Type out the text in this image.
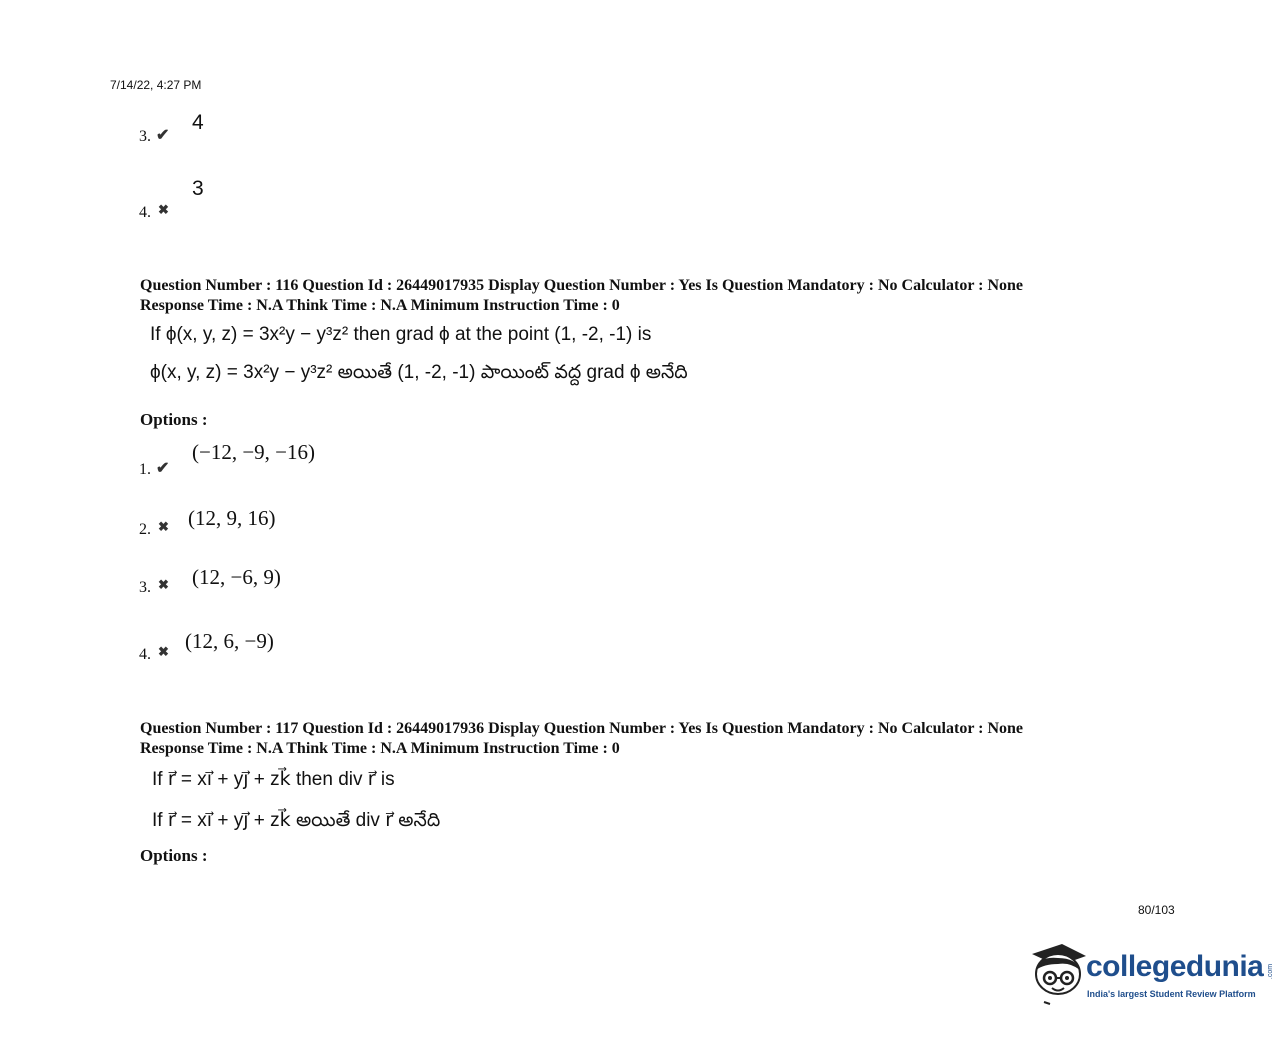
7/14/22, 4:27 PM
3. ✔
4
4. ✖
3
Question Number : 116 Question Id : 26449017935 Display Question Number : Yes Is Question Mandatory : No Calculator : None
Response Time : N.A Think Time : N.A Minimum Instruction Time : 0
If ϕ(x, y, z) = 3x²y − y³z² then grad ϕ at the point (1, -2, -1) is
ϕ(x, y, z) = 3x²y − y³z² అయితే (1, -2, -1) పాయింట్ వద్ద grad ϕ అనేది
Options :
1. ✔
(−12, −9, −16)
2. ✖ (12, 9, 16)
3. ✖ (12, −6, 9)
4. ✖ (12, 6, −9)
Question Number : 117 Question Id : 26449017936 Display Question Number : Yes Is Question Mandatory : No Calculator : None
Response Time : N.A Think Time : N.A Minimum Instruction Time : 0
If r⃗ = xi⃗ + yj⃗ + zk⃗ then div r⃗ is
If r⃗ = xi⃗ + yj⃗ + zk⃗ అయితే div r⃗ అనేది
Options :
80/103
collegedunia .com
India's largest Student Review Platform
